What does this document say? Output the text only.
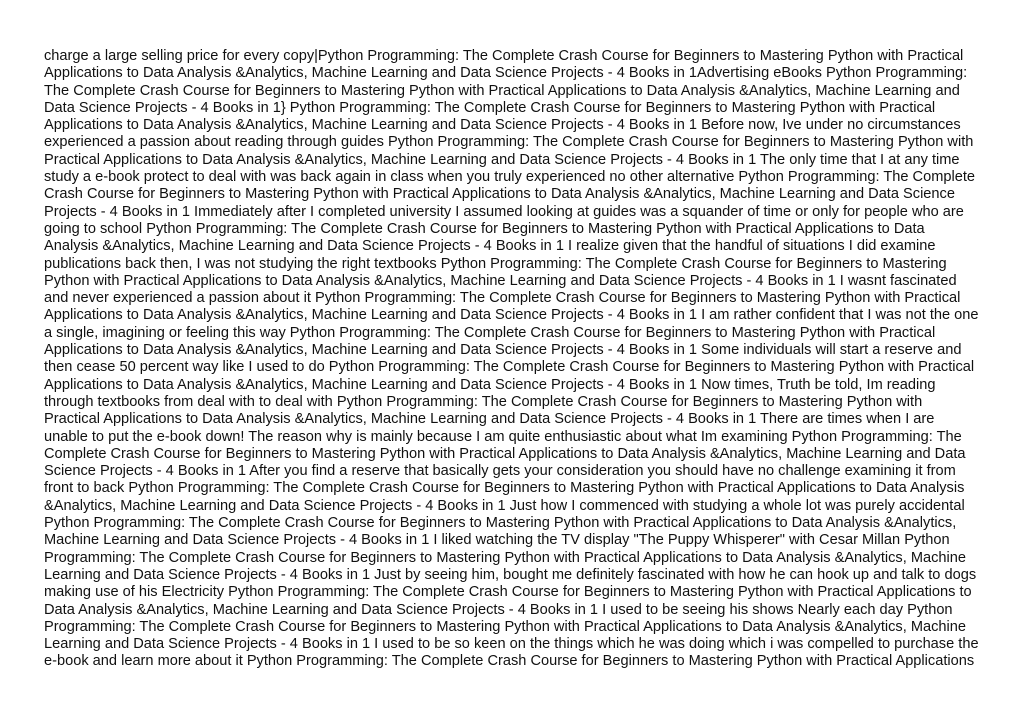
charge a large selling price for every copy|Python Programming: The Complete Crash Course for Beginners to Mastering Python with Practical Applications to Data Analysis &Analytics, Machine Learning and Data Science Projects - 4 Books in 1Advertising eBooks Python Programming: The Complete Crash Course for Beginners to Mastering Python with Practical Applications to Data Analysis &Analytics, Machine Learning and Data Science Projects - 4 Books in 1} Python Programming: The Complete Crash Course for Beginners to Mastering Python with Practical Applications to Data Analysis &Analytics, Machine Learning and Data Science Projects - 4 Books in 1 Before now, Ive under no circumstances experienced a passion about reading through guides Python Programming: The Complete Crash Course for Beginners to Mastering Python with Practical Applications to Data Analysis &Analytics, Machine Learning and Data Science Projects - 4 Books in 1 The only time that I at any time study a e-book protect to deal with was back again in class when you truly experienced no other alternative Python Programming: The Complete Crash Course for Beginners to Mastering Python with Practical Applications to Data Analysis &Analytics, Machine Learning and Data Science Projects - 4 Books in 1 Immediately after I completed university I assumed looking at guides was a squander of time or only for people who are going to school Python Programming: The Complete Crash Course for Beginners to Mastering Python with Practical Applications to Data Analysis &Analytics, Machine Learning and Data Science Projects - 4 Books in 1 I realize given that the handful of situations I did examine publications back then, I was not studying the right textbooks Python Programming: The Complete Crash Course for Beginners to Mastering Python with Practical Applications to Data Analysis &Analytics, Machine Learning and Data Science Projects - 4 Books in 1 I wasnt fascinated and never experienced a passion about it Python Programming: The Complete Crash Course for Beginners to Mastering Python with Practical Applications to Data Analysis &Analytics, Machine Learning and Data Science Projects - 4 Books in 1 I am rather confident that I was not the one a single, imagining or feeling this way Python Programming: The Complete Crash Course for Beginners to Mastering Python with Practical Applications to Data Analysis &Analytics, Machine Learning and Data Science Projects - 4 Books in 1 Some individuals will start a reserve and then cease 50 percent way like I used to do Python Programming: The Complete Crash Course for Beginners to Mastering Python with Practical Applications to Data Analysis &Analytics, Machine Learning and Data Science Projects - 4 Books in 1 Now times, Truth be told, Im reading through textbooks from deal with to deal with Python Programming: The Complete Crash Course for Beginners to Mastering Python with Practical Applications to Data Analysis &Analytics, Machine Learning and Data Science Projects - 4 Books in 1 There are times when I are unable to put the e-book down! The reason why is mainly because I am quite enthusiastic about what Im examining Python Programming: The Complete Crash Course for Beginners to Mastering Python with Practical Applications to Data Analysis &Analytics, Machine Learning and Data Science Projects - 4 Books in 1 After you find a reserve that basically gets your consideration you should have no challenge examining it from front to back Python Programming: The Complete Crash Course for Beginners to Mastering Python with Practical Applications to Data Analysis &Analytics, Machine Learning and Data Science Projects - 4 Books in 1 Just how I commenced with studying a whole lot was purely accidental Python Programming: The Complete Crash Course for Beginners to Mastering Python with Practical Applications to Data Analysis &Analytics, Machine Learning and Data Science Projects - 4 Books in 1 I liked watching the TV display "The Puppy Whisperer" with Cesar Millan Python Programming: The Complete Crash Course for Beginners to Mastering Python with Practical Applications to Data Analysis &Analytics, Machine Learning and Data Science Projects - 4 Books in 1 Just by seeing him, bought me definitely fascinated with how he can hook up and talk to dogs making use of his Electricity Python Programming: The Complete Crash Course for Beginners to Mastering Python with Practical Applications to Data Analysis &Analytics, Machine Learning and Data Science Projects - 4 Books in 1 I used to be seeing his shows Nearly each day Python Programming: The Complete Crash Course for Beginners to Mastering Python with Practical Applications to Data Analysis &Analytics, Machine Learning and Data Science Projects - 4 Books in 1 I used to be so keen on the things which he was doing which i was compelled to purchase the e-book and learn more about it Python Programming: The Complete Crash Course for Beginners to Mastering Python with Practical Applications
